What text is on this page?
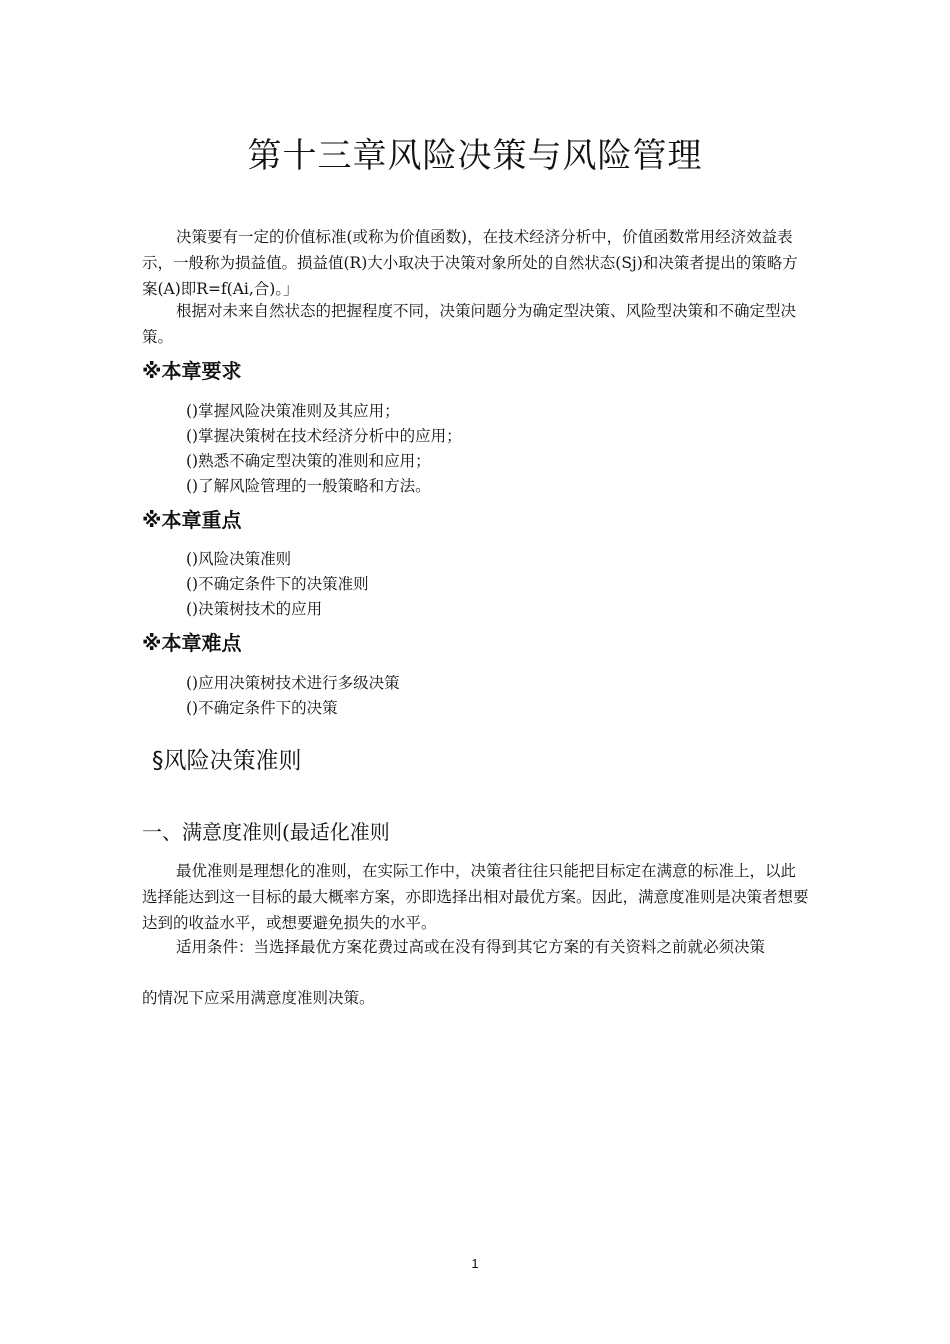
第十三章风险决策与风险管理

决策要有一定的价值标准(或称为价值函数)，在技术经济分析中，价值函数常用经济效益表示，一般称为损益值。损益值(R)大小取决于决策对象所处的自然状态(Sj)和决策者提出的策略方案(A)即R=f(Ai,合)。」

根据对未来自然状态的把握程度不同，决策问题分为确定型决策、风险型决策和不确定型决策。

※本章要求
()掌握风险决策准则及其应用；
()掌握决策树在技术经济分析中的应用；
()熟悉不确定型决策的准则和应用；
()了解风险管理的一般策略和方法。
※本章重点
()风险决策准则
()不确定条件下的决策准则
()决策树技术的应用
※本章难点
()应用决策树技术进行多级决策
()不确定条件下的决策
§风险决策准则
一、满意度准则(最适化准则

最优准则是理想化的准则，在实际工作中，决策者往往只能把目标定在满意的标准上，以此选择能达到这一目标的最大概率方案，亦即选择出相对最优方案。因此，满意度准则是决策者想要达到的收益水平，或想要避免损失的水平。

适用条件：当选择最优方案花费过高或在没有得到其它方案的有关资料之前就必须决策

的情况下应采用满意度准则决策。

1
